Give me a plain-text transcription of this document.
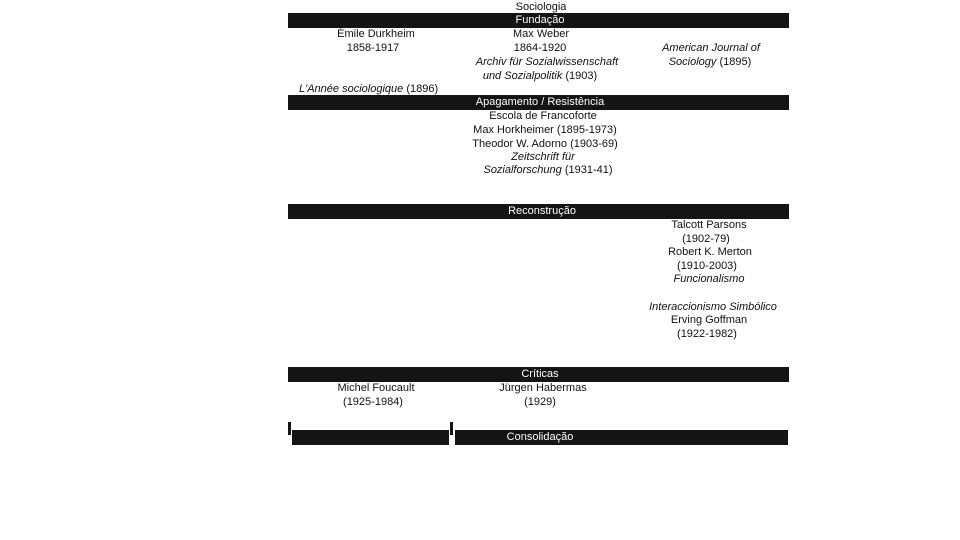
Sociologia
Fundação
Émile Durkheim
1858-1917
L'Année sociologique (1896)
Max Weber
1864-1920
Archiv für Sozialwissenschaft
und Sozialpolitik (1903)
American Journal of
Sociology (1895)
Apagamento / Resistência
Escola de Francoforte
Max Horkheimer (1895-1973)
Theodor W. Adorno (1903-69)
Zeitschrift für
Sozialforschung (1931-41)
Reconstrução
Talcott Parsons
(1902-79)
Robert K. Merton
(1910-2003)
Funcionalismo
Interaccionismo Simbólico
Erving Goffman
(1922-1982)
Críticas
Michel Foucault
(1925-1984)
Jürgen Habermas
(1929)
Consolidação
